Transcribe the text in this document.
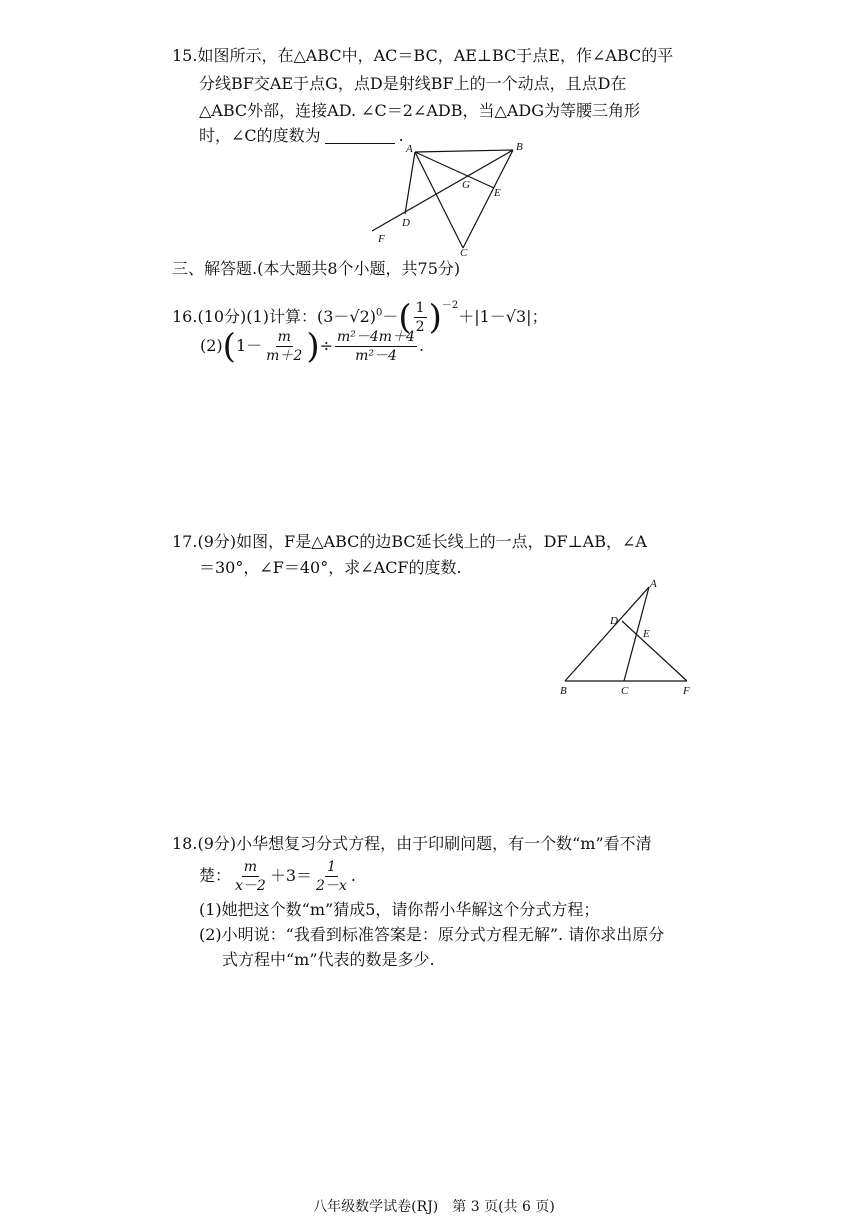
15.如图所示，在△ABC中，AC＝BC，AE⊥BC于点E，作∠ABC的平
分线BF交AE于点G，点D是射线BF上的一个动点，且点D在
△ABC外部，连接AD. ∠C＝2∠ADB，当△ADG为等腰三角形
时，∠C的度数为	.
A	B
G
E
D
F
C
三、解答题.(本大题共8个小题，共75分)
16.(10分)(1)计算：$(3-√2)^0-( \frac{1}{2} )^{-2}+|1-√3|$；
$(2)(1- \frac{m}{m+2}$ )÷ $\frac{\text{m²－4m＋4}}{\text{m²－4}}$ .
17.(9分)如图，F是△ABC的边BC延长线上的一点，DF⊥AB，∠A
＝30°，∠F＝40°，求∠ACF的度数.
A
D
E
B	C	F
18.(9分)小华想复习分式方程，由于印刷问题，有一个数“m”看不清
楚： $\frac{m}{x-2} +3= \frac{1}{2-x}$ .
(1)她把这个数“m”猜成5，请你帮小华解这个分式方程；
(2)小明说：“我看到标准答案是：原分式方程无解”. 请你求出原分
式方程中“m”代表的数是多少.
八年级数学试卷(RJ)　第 3 页(共 6 页)
